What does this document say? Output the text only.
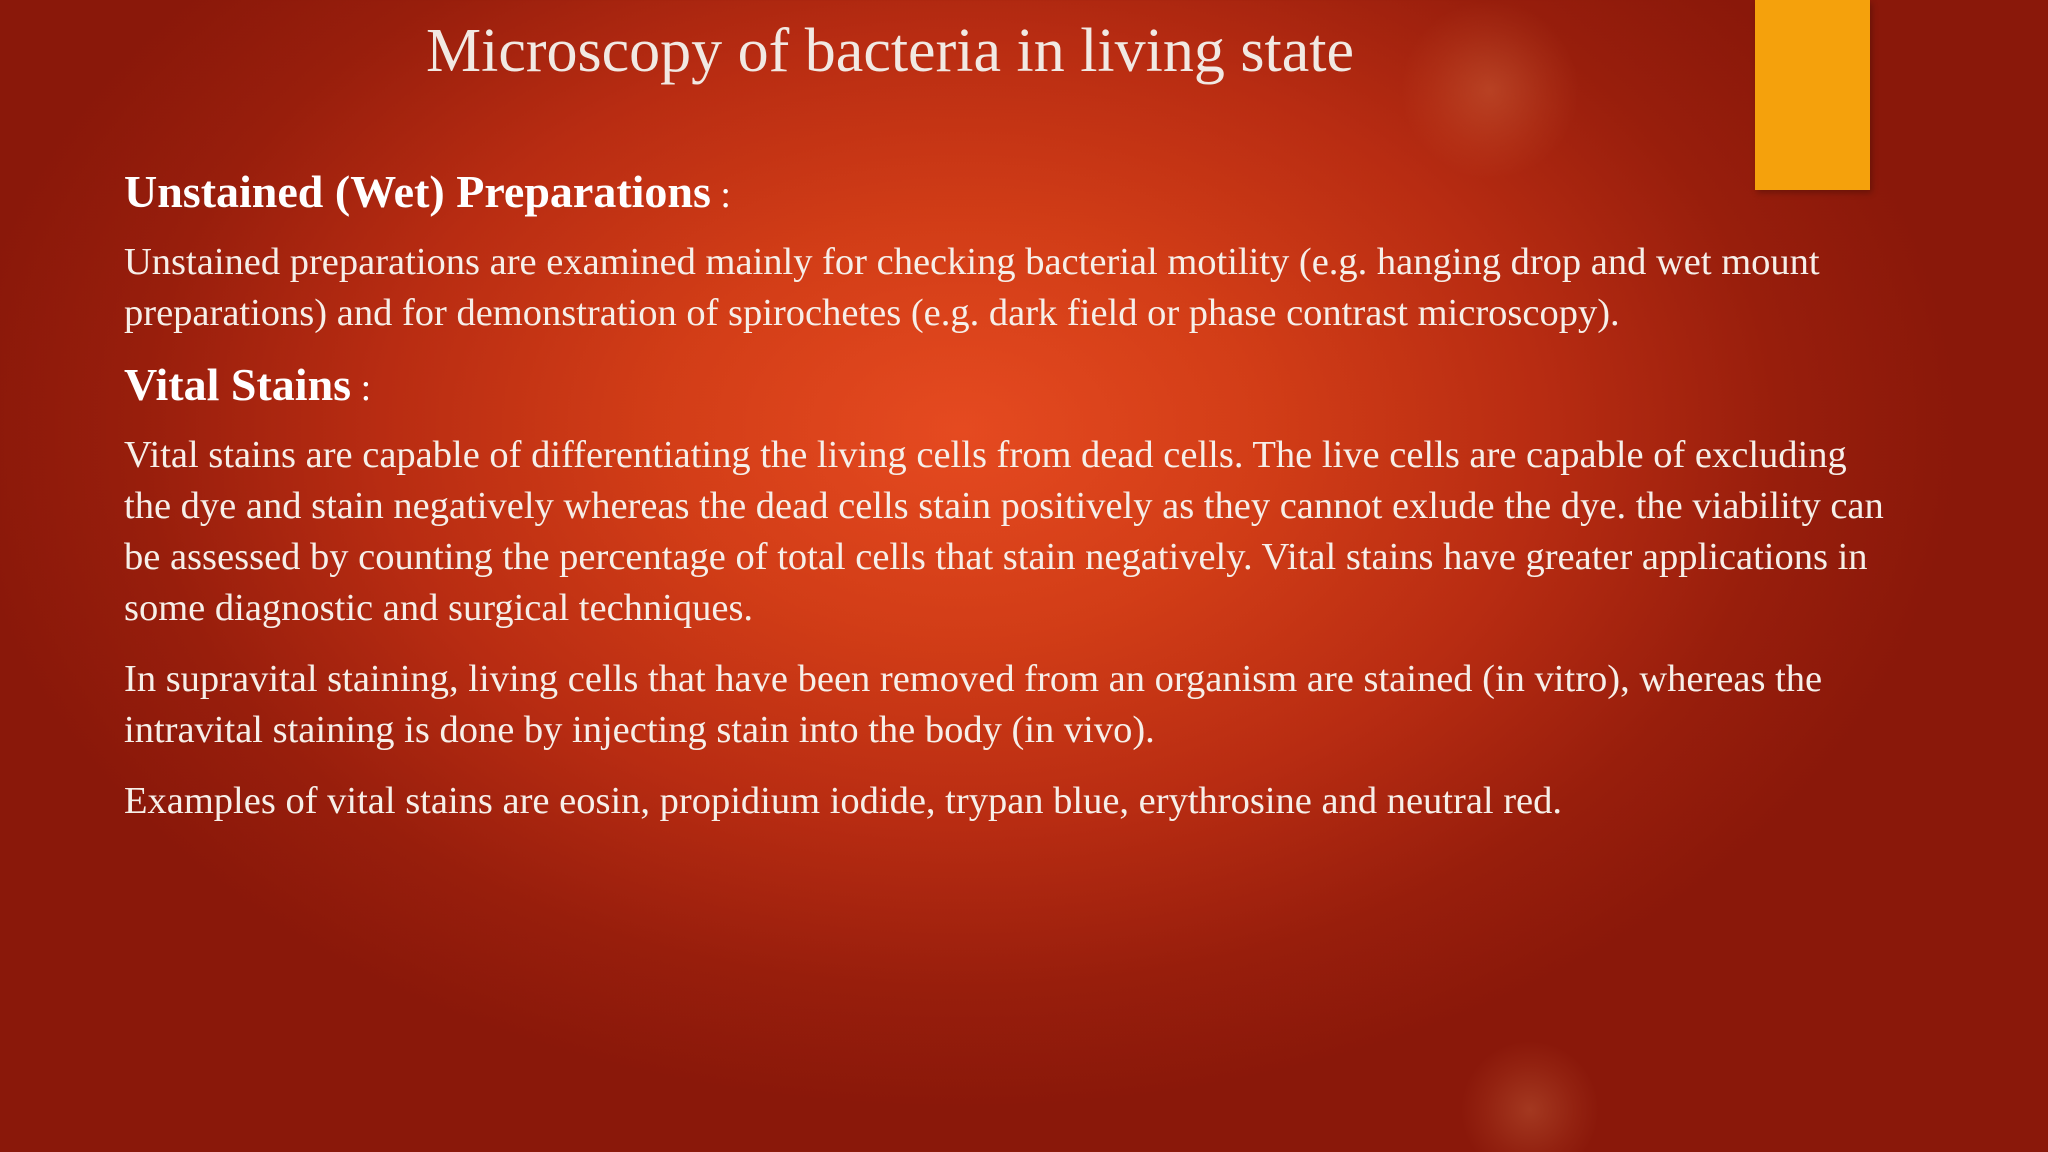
Microscopy of bacteria in living state
Unstained (Wet) Preparations :

Unstained preparations are examined mainly for checking bacterial motility (e.g. hanging drop and wet mount preparations) and for demonstration of spirochetes (e.g. dark field or phase contrast microscopy).

Vital Stains :

Vital stains are capable of differentiating the living cells from dead cells. The live cells are capable of excluding the dye and stain negatively whereas the dead cells stain positively as they cannot exlude the dye. the viability can be assessed by counting the percentage of total cells that stain negatively. Vital stains have greater applications in some diagnostic and surgical techniques.

In supravital staining, living cells that have been removed from an organism are stained (in vitro), whereas the intravital staining is done by injecting stain into the body (in vivo).

Examples of vital stains are eosin, propidium iodide, trypan blue, erythrosine and neutral red.
